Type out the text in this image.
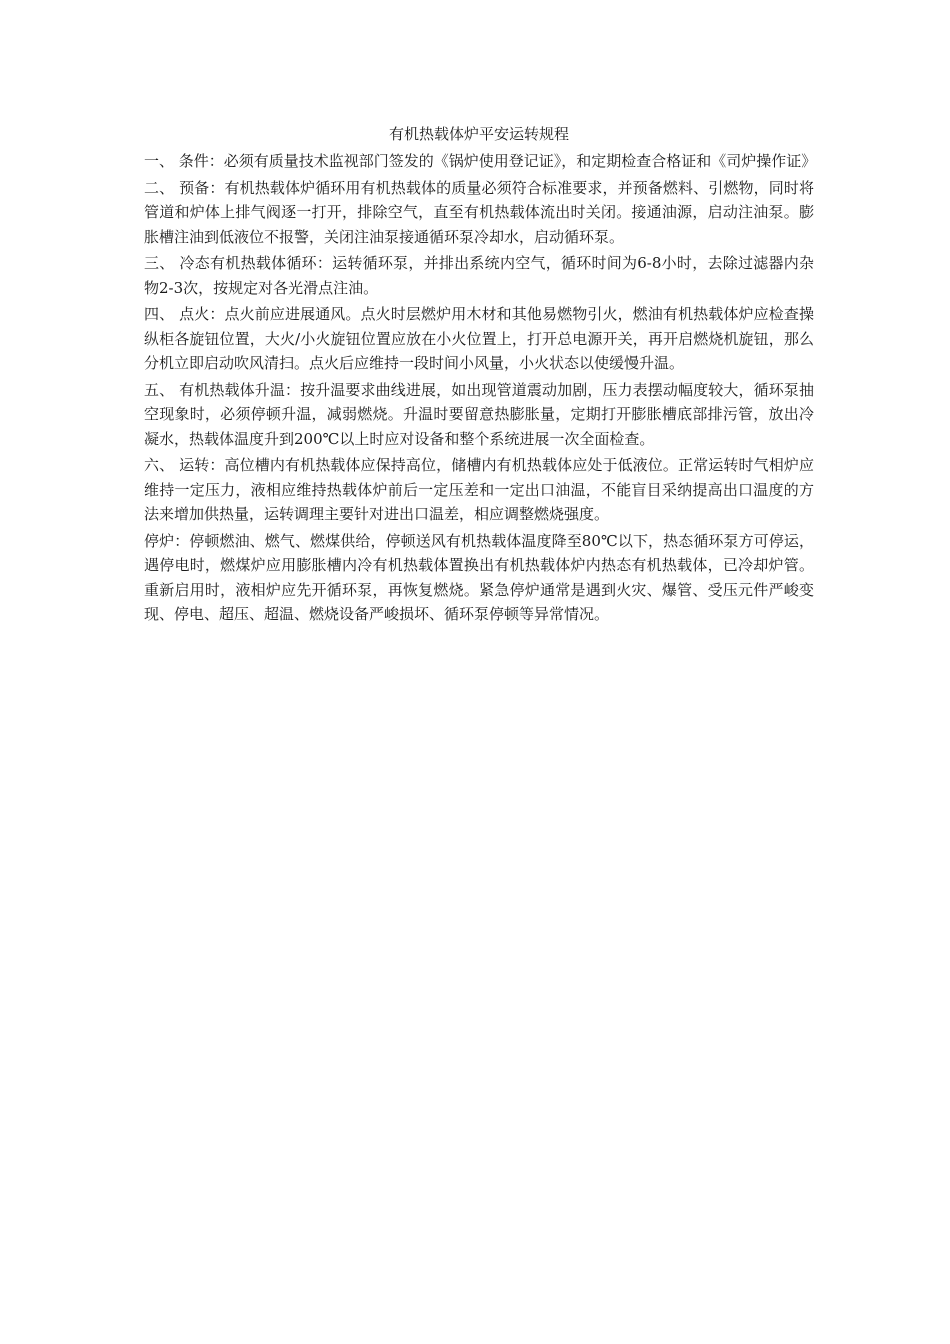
有机热载体炉平安运转规程

一、 条件：必须有质量技术监视部门签发的《锅炉使用登记证》，和定期检查合格证和《司炉操作证》

二、 预备：有机热载体炉循环用有机热载体的质量必须符合标准要求，并预备燃料、引燃物，同时将管道和炉体上排气阀逐一打开，排除空气，直至有机热载体流出时关闭。接通油源，启动注油泵。膨胀槽注油到低液位不报警，关闭注油泵接通循环泵冷却水，启动循环泵。

三、 冷态有机热载体循环：运转循环泵，并排出系统内空气，循环时间为6-8小时，去除过滤器内杂物2-3次，按规定对各光滑点注油。

四、 点火：点火前应进展通风。点火时层燃炉用木材和其他易燃物引火，燃油有机热载体炉应检查操纵柜各旋钮位置，大火/小火旋钮位置应放在小火位置上，打开总电源开关，再开启燃烧机旋钮，那么分机立即启动吹风清扫。点火后应维持一段时间小风量，小火状态以使缓慢升温。

五、 有机热载体升温：按升温要求曲线进展，如出现管道震动加剧，压力表摆动幅度较大，循环泵抽空现象时，必须停顿升温，减弱燃烧。升温时要留意热膨胀量，定期打开膨胀槽底部排污管，放出冷凝水，热载体温度升到200℃以上时应对设备和整个系统进展一次全面检查。

六、 运转：高位槽内有机热载体应保持高位，储槽内有机热载体应处于低液位。正常运转时气相炉应维持一定压力，液相应维持热载体炉前后一定压差和一定出口油温，不能盲目采纳提高出口温度的方法来增加供热量，运转调理主要针对进出口温差，相应调整燃烧强度。

停炉：停顿燃油、燃气、燃煤供给，停顿送风有机热载体温度降至80℃以下，热态循环泵方可停运，遇停电时，燃煤炉应用膨胀槽内冷有机热载体置换出有机热载体炉内热态有机热载体，已冷却炉管。重新启用时，液相炉应先开循环泵，再恢复燃烧。紧急停炉通常是遇到火灾、爆管、受压元件严峻变现、停电、超压、超温、燃烧设备严峻损坏、循环泵停顿等异常情况。
